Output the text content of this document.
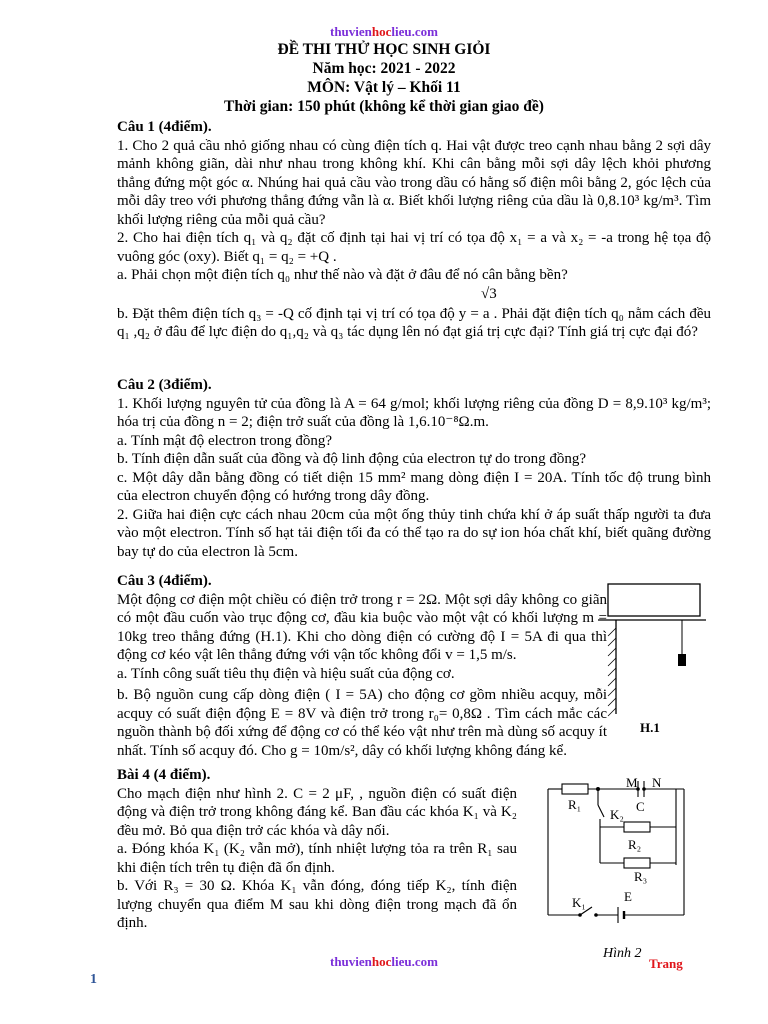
thuvienhoclieu.com
ĐỀ THI THỬ HỌC SINH GIỎI
Năm học: 2021 - 2022
MÔN: Vật lý – Khối 11
Thời gian: 150 phút (không kể thời gian giao đề)

Câu 1 (4điểm).

1. Cho 2 quả cầu nhỏ giống nhau có cùng điện tích q. Hai vật được treo cạnh nhau bằng 2 sợi dây mảnh không giãn, dài như nhau trong không khí. Khi cân bằng mỗi sợi dây lệch khỏi phương thẳng đứng một góc α. Nhúng hai quả cầu vào trong dầu có hằng số điện môi bằng 2, góc lệch của mỗi dây treo với phương thẳng đứng vẫn là α. Biết khối lượng riêng của dầu là 0,8.10³ kg/m³. Tìm khối lượng riêng của mỗi quả cầu?

2. Cho hai điện tích q₁ và q₂ đặt cố định tại hai vị trí có tọa độ x₁ = a và x₂ = -a trong hệ tọa độ vuông góc (oxy). Biết q₁ = q₂ = +Q .

a. Phải chọn một điện tích q₀ như thế nào và đặt ở đâu để nó cân bằng bền?

√3

b. Đặt thêm điện tích q₃ = -Q cố định tại vị trí có tọa độ y = a . Phải đặt điện tích q₀ nằm cách đều q₁ ,q₂ ở đâu để lực điện do q₁,q₂ và q₃ tác dụng lên nó đạt giá trị cực đại? Tính giá trị cực đại đó?

Câu 2 (3điểm).

1. Khối lượng nguyên tử của đồng là A = 64 g/mol; khối lượng riêng của đồng D = 8,9.10³ kg/m³; hóa trị của đồng n = 2; điện trở suất của đồng là 1,6.10⁻⁸Ω.m.

a. Tính mật độ electron trong đồng?

b. Tính điện dẫn suất của đồng và độ linh động của electron tự do trong đồng?

c. Một dây dẫn bằng đồng có tiết diện 15 mm² mang dòng điện I = 20A. Tính tốc độ trung bình của electron chuyển động có hướng trong dây đồng.

2. Giữa hai điện cực cách nhau 20cm của một ống thủy tinh chứa khí ở áp suất thấp người ta đưa vào một electron. Tính số hạt tải điện tối đa có thể tạo ra do sự ion hóa chất khí, biết quãng đường bay tự do của electron là 5cm.

Câu 3 (4điểm).

Một động cơ điện một chiều có điện trở trong r = 2Ω. Một sợi dây không co giãn có một đầu cuốn vào trục động cơ, đầu kia buộc vào một vật có khối lượng m = 10kg treo thẳng đứng (H.1). Khi cho dòng điện có cường độ I = 5A đi qua thì động cơ kéo vật lên thẳng đứng với vận tốc không đổi v = 1,5 m/s.

a. Tính công suất tiêu thụ điện và hiệu suất của động cơ.

b. Bộ nguồn cung cấp dòng điện ( I = 5A) cho động cơ gồm nhiều acquy, mỗi acquy có suất điện động E = 8V và điện trở trong r₀= 0,8Ω . Tìm cách mắc các nguồn thành bộ đối xứng để động cơ có thể kéo vật như trên mà dùng số acquy ít nhất. Tính số acquy đó. Cho g = 10m/s², dây có khối lượng không đáng kể.

H.1

Bài 4 (4 điểm).

Cho mạch điện như hình 2. C = 2 μF, , nguồn điện có suất điện động và điện trở trong không đáng kể. Ban đầu các khóa K₁ và K₂ đều mở. Bỏ qua điện trở các khóa và dây nối.

a. Đóng khóa K₁ (K₂ vẫn mở), tính nhiệt lượng tỏa ra trên R₁ sau khi điện tích trên tụ điện đã ổn định.

b. Với R₃ = 30 Ω. Khóa K₁ vẫn đóng, đóng tiếp K₂, tính điện lượng chuyển qua điểm M sau khi dòng điện trong mạch đã ổn định.

M N
R₁
K₂
C
R₂
R₃
K₁	E
Hình 2
thuvienhoclieu.com	Trang
1
